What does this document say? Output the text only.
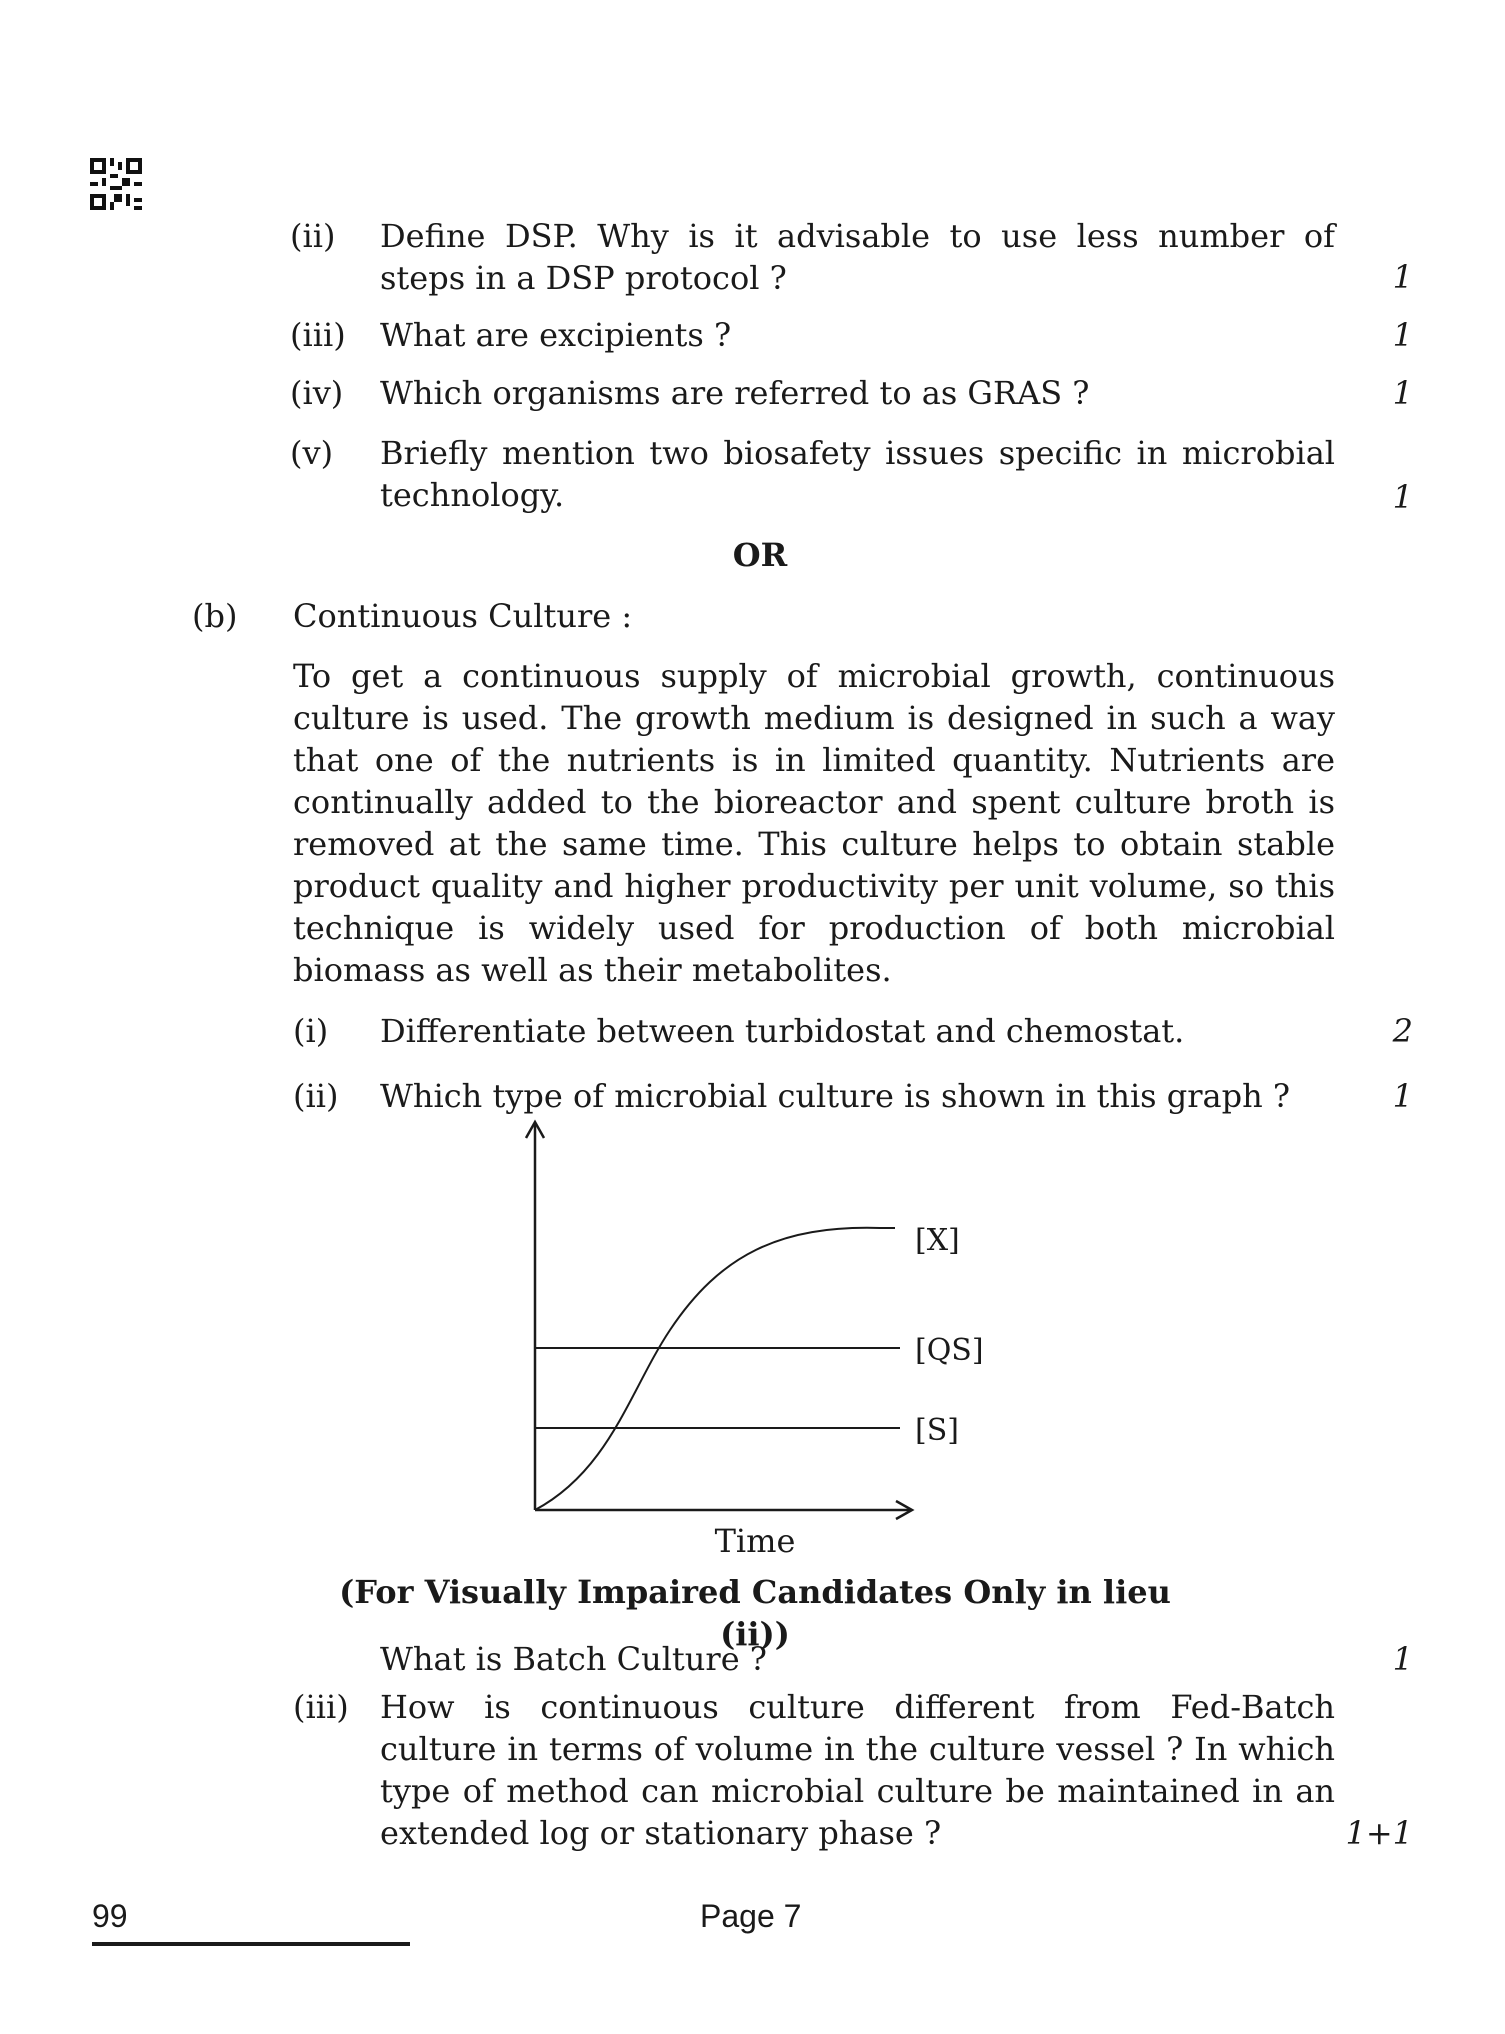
(ii) Define DSP. Why is it advisable to use less number of steps in a DSP protocol ?	1
(iii) What are excipients ?	1
(iv) Which organisms are referred to as GRAS ?	1
(v) Briefly mention two biosafety issues specific in microbial technology.	1
OR
(b) Continuous Culture :
To get a continuous supply of microbial growth, continuous culture is used. The growth medium is designed in such a way that one of the nutrients is in limited quantity. Nutrients are continually added to the bioreactor and spent culture broth is removed at the same time. This culture helps to obtain stable product quality and higher productivity per unit volume, so this technique is widely used for production of both microbial biomass as well as their metabolites.
(i) Differentiate between turbidostat and chemostat.	2
(ii) Which type of microbial culture is shown in this graph ?	1
[X]
[QS]
[S]
Time
(For Visually Impaired Candidates Only in lieu (ii))
What is Batch Culture ?	1
(iii) How is continuous culture different from Fed-Batch culture in terms of volume in the culture vessel ? In which type of method can microbial culture be maintained in an extended log or stationary phase ?	1+1
99	Page 7
